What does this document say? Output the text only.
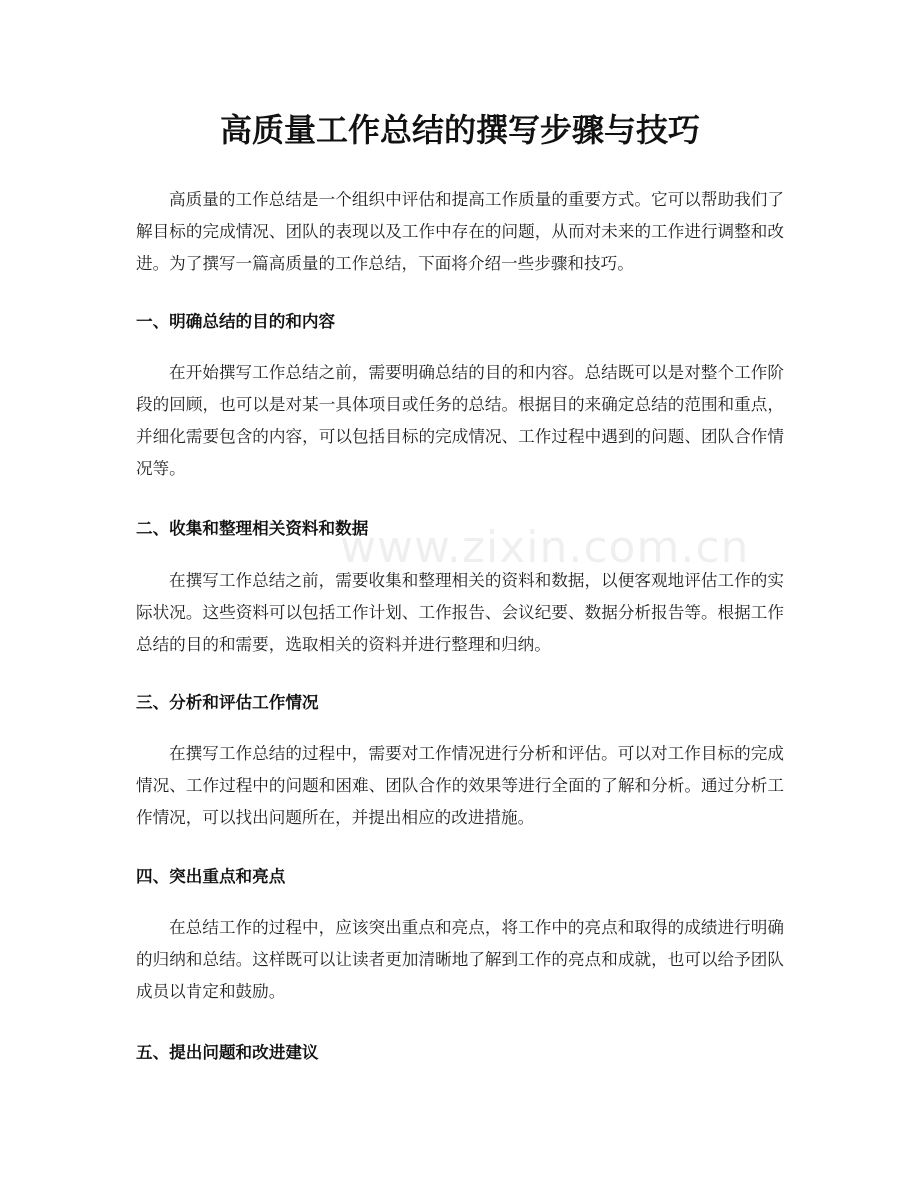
高质量工作总结的撰写步骤与技巧
高质量的工作总结是一个组织中评估和提高工作质量的重要方式。它可以帮助我们了解目标的完成情况、团队的表现以及工作中存在的问题，从而对未来的工作进行调整和改进。为了撰写一篇高质量的工作总结，下面将介绍一些步骤和技巧。
一、明确总结的目的和内容
在开始撰写工作总结之前，需要明确总结的目的和内容。总结既可以是对整个工作阶段的回顾，也可以是对某一具体项目或任务的总结。根据目的来确定总结的范围和重点，并细化需要包含的内容，可以包括目标的完成情况、工作过程中遇到的问题、团队合作情况等。
二、收集和整理相关资料和数据
在撰写工作总结之前，需要收集和整理相关的资料和数据，以便客观地评估工作的实际状况。这些资料可以包括工作计划、工作报告、会议纪要、数据分析报告等。根据工作总结的目的和需要，选取相关的资料并进行整理和归纳。
三、分析和评估工作情况
在撰写工作总结的过程中，需要对工作情况进行分析和评估。可以对工作目标的完成情况、工作过程中的问题和困难、团队合作的效果等进行全面的了解和分析。通过分析工作情况，可以找出问题所在，并提出相应的改进措施。
四、突出重点和亮点
在总结工作的过程中，应该突出重点和亮点，将工作中的亮点和取得的成绩进行明确的归纳和总结。这样既可以让读者更加清晰地了解到工作的亮点和成就，也可以给予团队成员以肯定和鼓励。
五、提出问题和改进建议
www.zixin.com.cn
